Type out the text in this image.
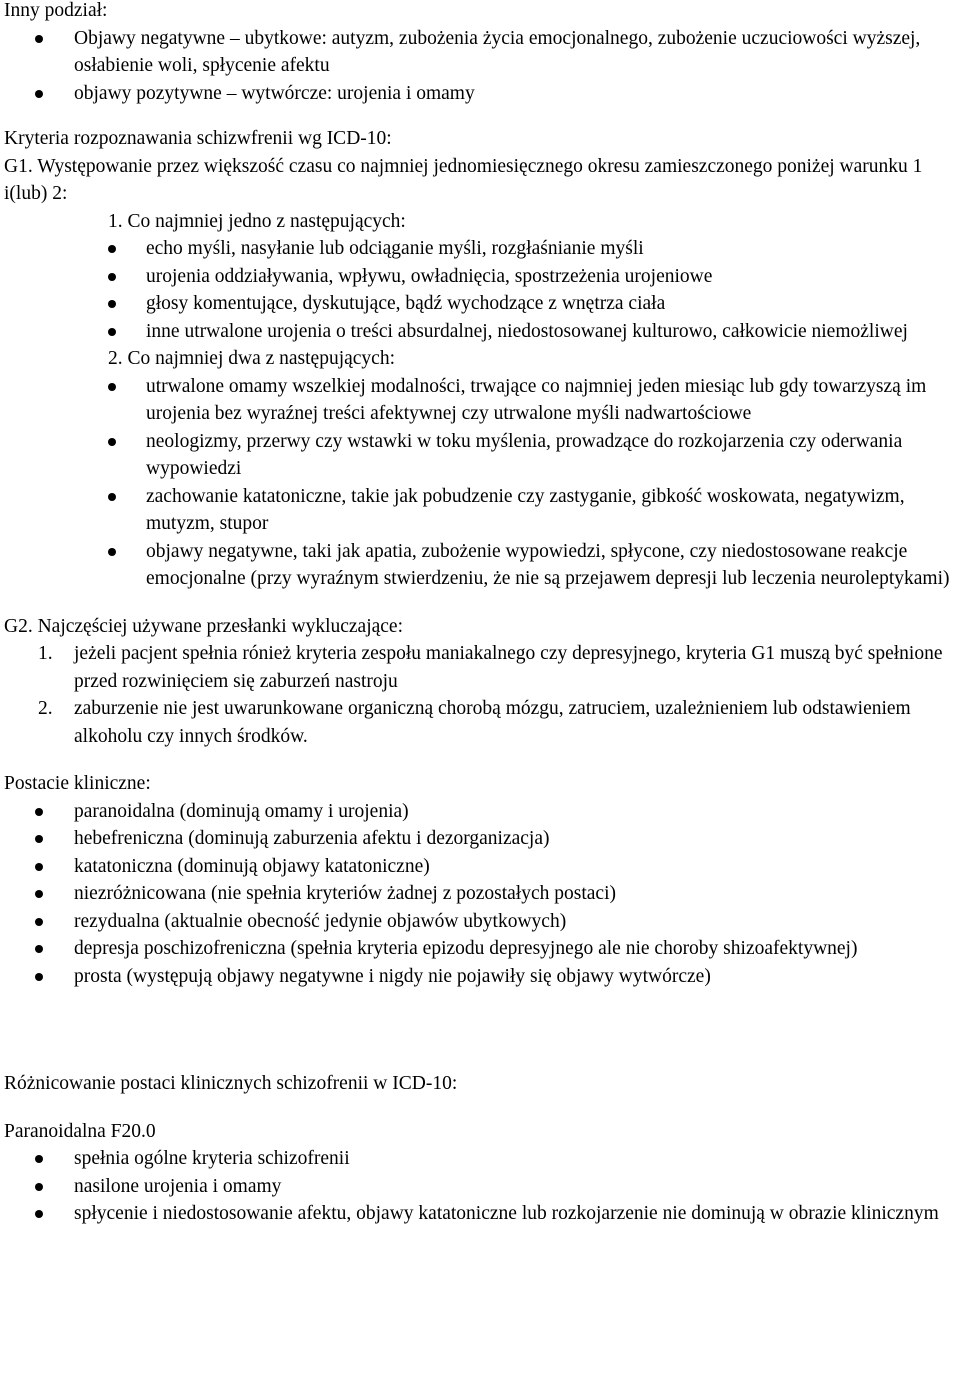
Inny podział:

Objawy negatywne – ubytkowe: autyzm, zubożenia życia emocjonalnego, zubożenie uczuciowości wyższej, osłabienie woli, spłycenie afektu
objawy pozytywne – wytwórcze: urojenia i omamy

Kryteria rozpoznawania schizwfrenii wg ICD-10:

G1. Występowanie przez większość czasu co najmniej jednomiesięcznego okresu zamieszczonego poniżej warunku 1 i(lub) 2:

1. Co najmniej jedno z następujących:

echo myśli, nasyłanie lub odciąganie myśli, rozgłaśnianie myśli
urojenia oddziaływania, wpływu, owładnięcia, spostrzeżenia urojeniowe
głosy komentujące, dyskutujące, bądź wychodzące z wnętrza ciała
inne utrwalone urojenia o treści absurdalnej, niedostosowanej kulturowo, całkowicie niemożliwej

2. Co najmniej dwa z następujących:

utrwalone omamy wszelkiej modalności, trwające co najmniej jeden miesiąc lub gdy towarzyszą im urojenia bez wyraźnej treści afektywnej czy utrwalone myśli nadwartościowe
neologizmy, przerwy czy wstawki w toku myślenia, prowadzące do rozkojarzenia czy oderwania wypowiedzi
zachowanie katatoniczne, takie jak pobudzenie czy zastyganie, gibkość woskowata, negatywizm, mutyzm, stupor
objawy negatywne, taki jak apatia, zubożenie wypowiedzi, spłycone, czy niedostosowane reakcje emocjonalne (przy wyraźnym stwierdzeniu, że nie są przejawem depresji lub leczenia neuroleptykami)

G2. Najczęściej używane przesłanki wykluczające:

1. jeżeli pacjent spełnia rónież kryteria zespołu maniakalnego czy depresyjnego, kryteria G1 muszą być spełnione przed rozwinięciem się zaburzeń nastroju
2. zaburzenie nie jest uwarunkowane organiczną chorobą mózgu, zatruciem, uzależnieniem lub odstawieniem alkoholu czy innych środków.

Postacie kliniczne:

paranoidalna (dominują omamy i urojenia)
hebefreniczna (dominują zaburzenia afektu i dezorganizacja)
katatoniczna (dominują objawy katatoniczne)
niezróżnicowana (nie spełnia kryteriów żadnej z pozostałych postaci)
rezydualna (aktualnie obecność jedynie objawów ubytkowych)
depresja poschizofreniczna (spełnia kryteria epizodu depresyjnego ale nie choroby shizoafektywnej)
prosta (występują objawy negatywne i nigdy nie pojawiły się objawy wytwórcze)

Różnicowanie postaci klinicznych schizofrenii w ICD-10:

Paranoidalna F20.0

spełnia ogólne kryteria schizofrenii
nasilone urojenia i omamy
spłycenie i niedostosowanie afektu, objawy katatoniczne lub rozkojarzenie nie dominują w obrazie klinicznym
